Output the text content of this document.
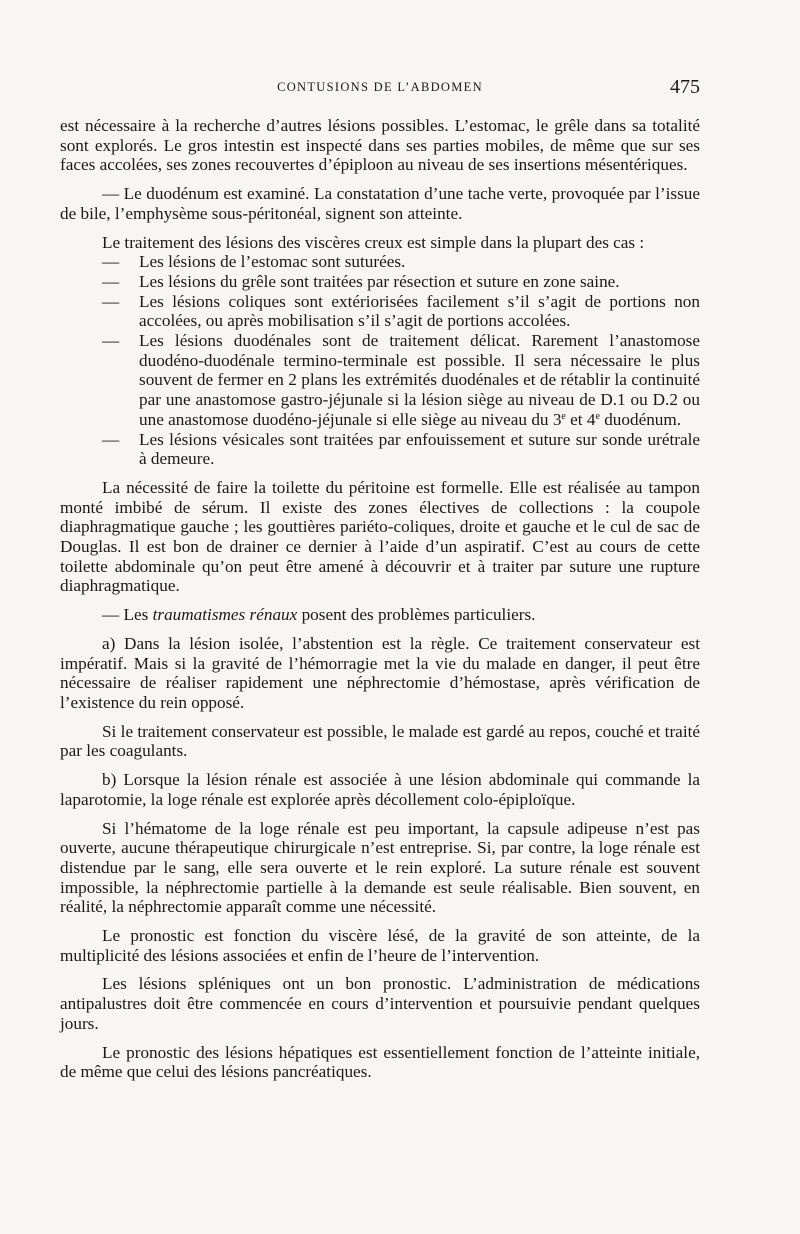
CONTUSIONS DE L’ABDOMEN	475

est nécessaire à la recherche d’autres lésions possibles. L’estomac, le grêle dans sa totalité sont explorés. Le gros intestin est inspecté dans ses parties mobiles, de même que sur ses faces accolées, ses zones recouvertes d’épiploon au niveau de ses insertions mésentériques.

— Le duodénum est examiné. La constatation d’une tache verte, provoquée par l’issue de bile, l’emphysème sous-péritonéal, signent son atteinte.

Le traitement des lésions des viscères creux est simple dans la plupart des cas :

— Les lésions de l’estomac sont suturées.
— Les lésions du grêle sont traitées par résection et suture en zone saine.
— Les lésions coliques sont extériorisées facilement s’il s’agit de portions non accolées, ou après mobilisation s’il s’agit de portions accolées.
— Les lésions duodénales sont de traitement délicat. Rarement l’anastomose duodéno-duodénale termino-terminale est possible. Il sera nécessaire le plus souvent de fermer en 2 plans les extrémités duodénales et de rétablir la continuité par une anastomose gastro-jéjunale si la lésion siège au niveau de D.1 ou D.2 ou une anastomose duodéno-jéjunale si elle siège au niveau du 3e et 4e duodénum.
— Les lésions vésicales sont traitées par enfouissement et suture sur sonde urétrale à demeure.

La nécessité de faire la toilette du péritoine est formelle. Elle est réalisée au tampon monté imbibé de sérum. Il existe des zones électives de collections : la coupole diaphragmatique gauche ; les gouttières pariéto-coliques, droite et gauche et le cul de sac de Douglas. Il est bon de drainer ce dernier à l’aide d’un aspiratif. C’est au cours de cette toilette abdominale qu’on peut être amené à découvrir et à traiter par suture une rupture diaphragmatique.

— Les traumatismes rénaux posent des problèmes particuliers.

a) Dans la lésion isolée, l’abstention est la règle. Ce traitement conservateur est impératif. Mais si la gravité de l’hémorragie met la vie du malade en danger, il peut être nécessaire de réaliser rapidement une néphrectomie d’hémostase, après vérification de l’existence du rein opposé.

Si le traitement conservateur est possible, le malade est gardé au repos, couché et traité par les coagulants.

b) Lorsque la lésion rénale est associée à une lésion abdominale qui commande la laparotomie, la loge rénale est explorée après décollement colo-épiploïque.

Si l’hématome de la loge rénale est peu important, la capsule adipeuse n’est pas ouverte, aucune thérapeutique chirurgicale n’est entreprise. Si, par contre, la loge rénale est distendue par le sang, elle sera ouverte et le rein exploré. La suture rénale est souvent impossible, la néphrectomie partielle à la demande est seule réalisable. Bien souvent, en réalité, la néphrectomie apparaît comme une nécessité.

Le pronostic est fonction du viscère lésé, de la gravité de son atteinte, de la multiplicité des lésions associées et enfin de l’heure de l’intervention.

Les lésions spléniques ont un bon pronostic. L’administration de médications antipalustres doit être commencée en cours d’intervention et poursuivie pendant quelques jours.

Le pronostic des lésions hépatiques est essentiellement fonction de l’atteinte initiale, de même que celui des lésions pancréatiques.
